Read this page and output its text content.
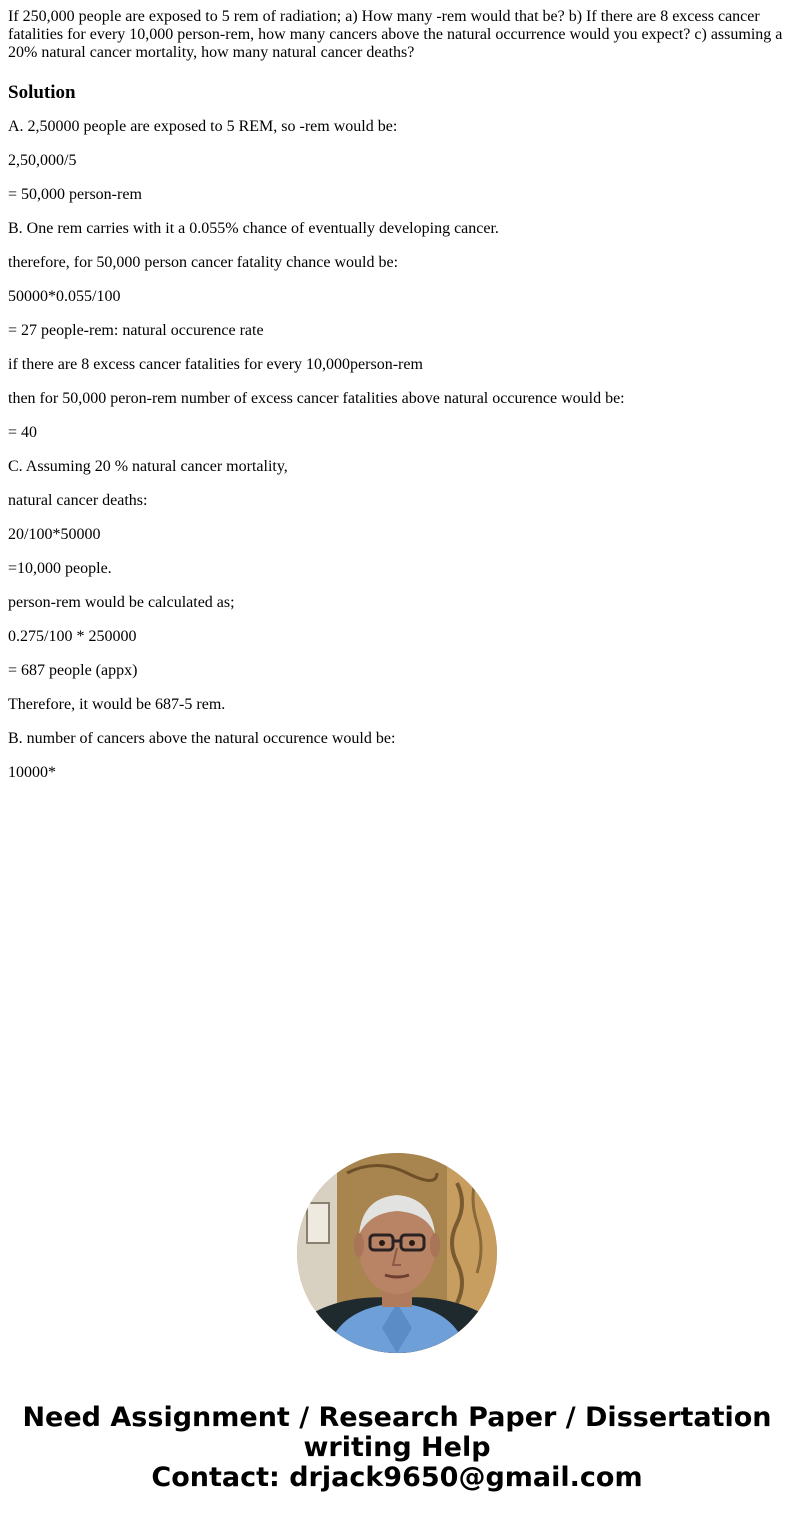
If 250,000 people are exposed to 5 rem of radiation; a) How many -rem would that be? b) If there are 8 excess cancer fatalities for every 10,000 person-rem, how many cancers above the natural occurrence would you expect? c) assuming a 20% natural cancer mortality, how many natural cancer deaths?

Solution
A. 2,50000 people are exposed to 5 REM, so -rem would be:
2,50,000/5
= 50,000 person-rem
B. One rem carries with it a 0.055% chance of eventually developing cancer.
therefore, for 50,000 person cancer fatality chance would be:
50000*0.055/100
= 27 people-rem: natural occurence rate
if there are 8 excess cancer fatalities for every 10,000person-rem
then for 50,000 peron-rem number of excess cancer fatalities above natural occurence would be:
= 40
C. Assuming 20 % natural cancer mortality,
natural cancer deaths:
20/100*50000
=10,000 people.
person-rem would be calculated as;
0.275/100 * 250000
= 687 people (appx)
Therefore, it would be 687-5 rem.
B. number of cancers above the natural occurence would be:
10000*
Need Assignment / Research Paper / Dissertation
writing Help
Contact: drjack9650@gmail.com
